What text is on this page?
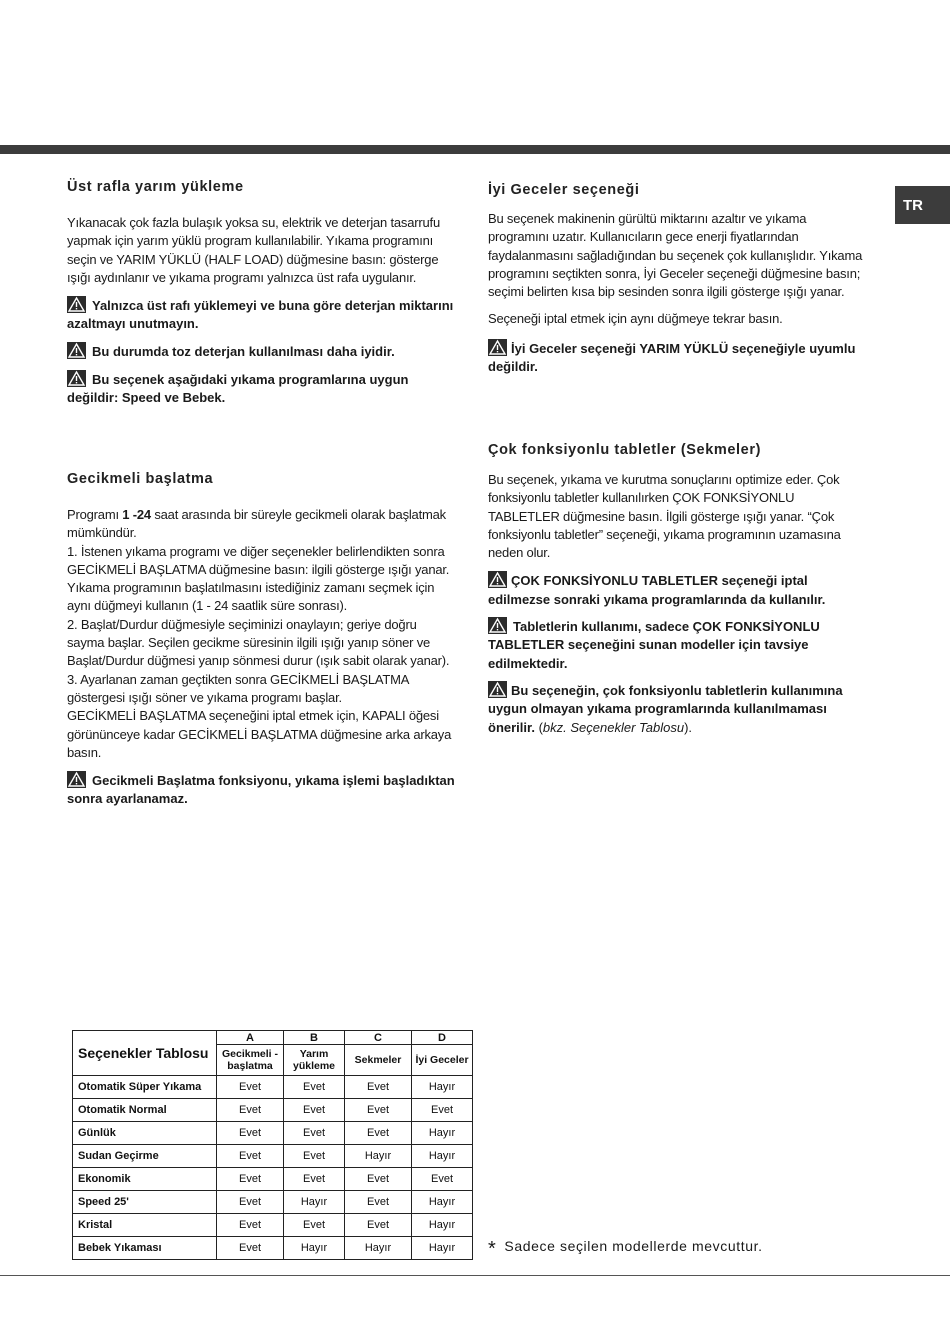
TR
Üst rafla yarım yükleme

Yıkanacak çok fazla bulaşık yoksa su, elektrik ve deterjan tasarrufu yapmak için yarım yüklü program kullanılabilir. Yıkama programını seçin ve YARIM YÜKLÜ (HALF LOAD) düğmesine basın: gösterge ışığı aydınlanır ve yıkama programı yalnızca üst rafa uygulanır.

Yalnızca üst rafı yüklemeyi ve buna göre deterjan miktarını azaltmayı unutmayın.

Bu durumda toz deterjan kullanılması daha iyidir.

Bu seçenek aşağıdaki yıkama programlarına uygun değildir: Speed ve Bebek.

Gecikmeli başlatma

Programı 1 -24 saat arasında bir süreyle gecikmeli olarak başlatmak mümkündür.

1. İstenen yıkama programı ve diğer seçenekler belirlendikten sonra GECİKMELİ BAŞLATMA düğmesine basın: ilgili gösterge ışığı yanar. Yıkama programının başlatılmasını istediğiniz zamanı seçmek için aynı düğmeyi kullanın (1 - 24 saatlik süre sonrası).

2. Başlat/Durdur düğmesiyle seçiminizi onaylayın; geriye doğru sayma başlar. Seçilen gecikme süresinin ilgili ışığı yanıp söner ve Başlat/Durdur düğmesi yanıp sönmesi durur (ışık sabit olarak yanar).

3. Ayarlanan zaman geçtikten sonra GECİKMELİ BAŞLATMA göstergesi ışığı söner ve yıkama programı başlar.

GECİKMELİ BAŞLATMA seçeneğini iptal etmek için, KAPALI öğesi görününceye kadar GECİKMELİ BAŞLATMA düğmesine arka arkaya basın.

Gecikmeli Başlatma fonksiyonu, yıkama işlemi başladıktan sonra ayarlanamaz.

İyi Geceler seçeneği

Bu seçenek makinenin gürültü miktarını azaltır ve yıkama programını uzatır. Kullanıcıların gece enerji fiyatlarından faydalanmasını sağladığından bu seçenek çok kullanışlıdır. Yıkama programını seçtikten sonra, İyi Geceler seçeneği düğmesine basın; seçimi belirten kısa bip sesinden sonra ilgili gösterge ışığı yanar.

Seçeneği iptal etmek için aynı düğmeye tekrar basın.

İyi Geceler seçeneği YARIM YÜKLÜ seçeneğiyle uyumlu değildir.

Çok fonksiyonlu tabletler (Sekmeler)

Bu seçenek, yıkama ve kurutma sonuçlarını optimize eder. Çok fonksiyonlu tabletler kullanılırken ÇOK FONKSİYONLU TABLETLER düğmesine basın. İlgili gösterge ışığı yanar. “Çok fonksiyonlu tabletler” seçeneği, yıkama programının uzamasına neden olur.

ÇOK FONKSİYONLU TABLETLER seçeneği iptal edilmezse sonraki yıkama programlarında da kullanılır.

Tabletlerin kullanımı, sadece ÇOK FONKSİYONLU TABLETLER seçeneğini sunan modeller için tavsiye edilmektedir.

Bu seçeneğin, çok fonksiyonlu tabletlerin kullanımına uygun olmayan yıkama programlarında kullanılmaması önerilir. (bkz. Seçenekler Tablosu).

Seçenekler Tablosu	A	B	C	D
	Gecikmeli -başlatma	Yarım yükleme	Sekmeler	İyi Geceler
Otomatik Süper Yıkama	Evet	Evet	Evet	Hayır
Otomatik Normal	Evet	Evet	Evet	Evet
Günlük	Evet	Evet	Evet	Hayır
Sudan Geçirme	Evet	Evet	Hayır	Hayır
Ekonomik	Evet	Evet	Evet	Evet
Speed 25'	Evet	Hayır	Evet	Hayır
Kristal	Evet	Evet	Evet	Hayır
Bebek Yıkaması	Evet	Hayır	Hayır	Hayır * Sadece seçilen modellerde mevcuttur.
